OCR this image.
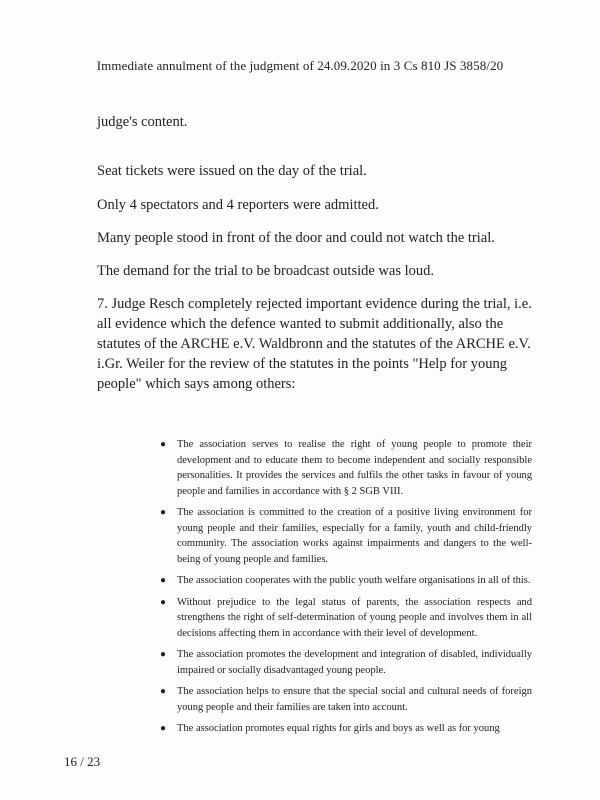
Immediate annulment of the judgment of 24.09.2020 in 3 Cs 810 JS 3858/20
judge's content.
Seat tickets were issued on the day of the trial.
Only 4 spectators and 4 reporters were admitted.
Many people stood in front of the door and could not watch the trial.
The demand for the trial to be broadcast outside was loud.
7. Judge Resch completely rejected important evidence during the trial, i.e. all evidence which the defence wanted to submit additionally, also the statutes of the ARCHE e.V. Waldbronn and the statutes of the ARCHE e.V. i.Gr. Weiler for the review of the statutes in the points "Help for young people" which says among others:
● The association serves to realise the right of young people to promote their development and to educate them to become independent and socially responsible personalities. It provides the services and fulfils the other tasks in favour of young people and families in accordance with § 2 SGB VIII.
● The association is committed to the creation of a positive living environment for young people and their families, especially for a family, youth and child-friendly community. The association works against impairments and dangers to the well-being of young people and families.
● The association cooperates with the public youth welfare organisations in all of this.
● Without prejudice to the legal status of parents, the association respects and strengthens the right of self-determination of young people and involves them in all decisions affecting them in accordance with their level of development.
● The association promotes the development and integration of disabled, individually impaired or socially disadvantaged young people.
● The association helps to ensure that the special social and cultural needs of foreign young people and their families are taken into account.
● The association promotes equal rights for girls and boys as well as for young
16 / 23
